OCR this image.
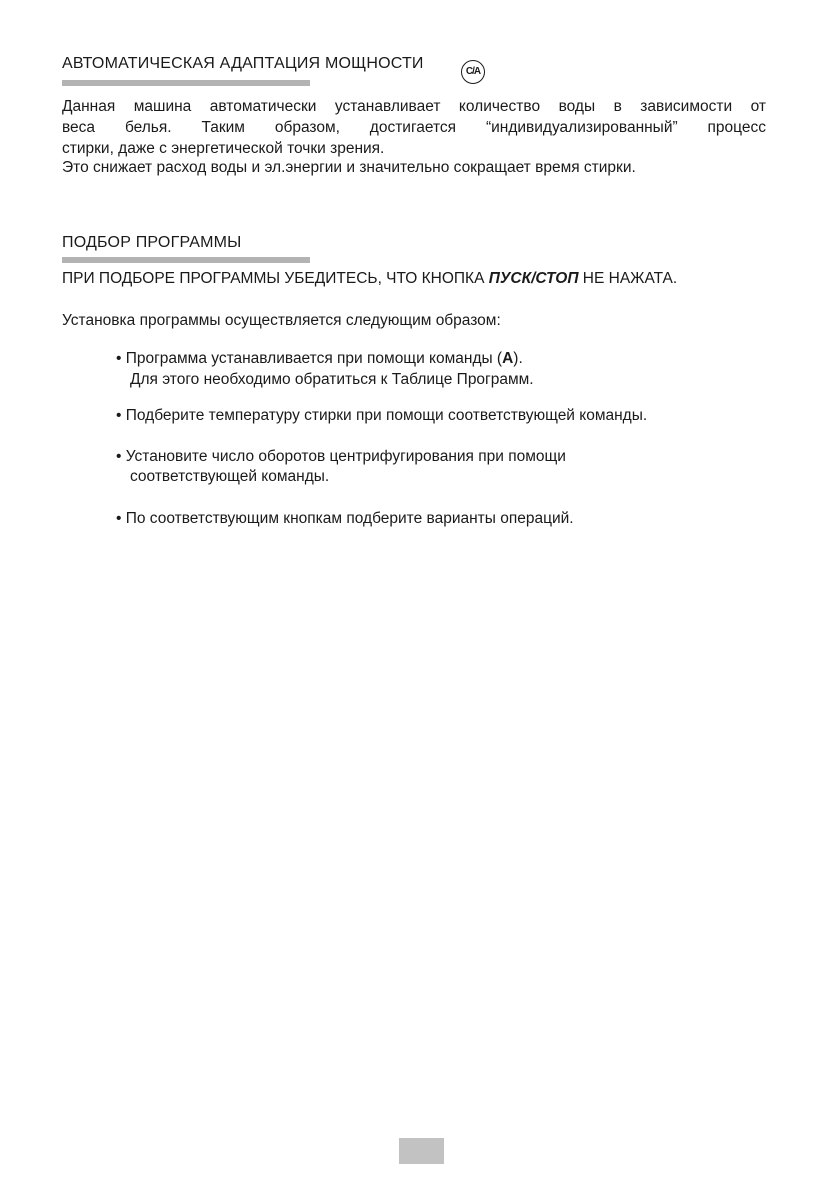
АВТОМАТИЧЕСКАЯ АДАПТАЦИЯ МОЩНОСТИ	C/A
Данная машина автоматически устанавливает количество воды в зависимости от
веса белья. Таким образом, достигается “индивидуализированный” процесс
стирки, даже с энергетической точки зрения.
Это снижает расход воды и эл.энергии и значительно сокращает время стирки.
ПОДБОР ПРОГРАММЫ
ПРИ ПОДБОРЕ ПРОГРАММЫ УБЕДИТЕСЬ, ЧТО КНОПКА ПУСК/СТОП НЕ НАЖАТА.
Установка программы осуществляется следующим образом:
• Программа устанавливается при помощи команды (A).
Для этого необходимо обратиться к Таблице Программ.
• Подберите температуру стирки при помощи соответствующей команды.
• Установите число оборотов центрифугирования при помощи
соответствующей команды.
• По соответствующим кнопкам подберите варианты операций.
